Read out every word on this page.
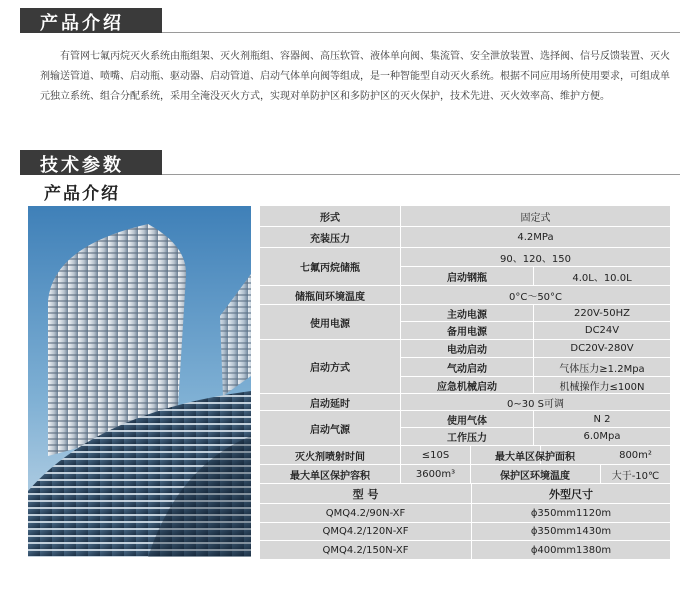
产品介绍
有管网七氟丙烷灭火系统由瓶组架、灭火剂瓶组、容器阀、高压软管、液体单向阀、集流管、安全泄放装置、选择阀、信号反馈装置、灭火剂输送管道、喷嘴、启动瓶、驱动器、启动管道、启动气体单向阀等组成，是一种智能型自动灭火系统。根据不同应用场所使用要求，可组成单元独立系统、组合分配系统，采用全淹没灭火方式，实现对单防护区和多防护区的灭火保护，技术先进、灭火效率高、维护方便。
技术参数
产品介绍
形式	固定式
充装压力	4.2MPa
七氟丙烷储瓶
90、120、150
启动钢瓶	4.0L、10.0L
储瓶间环境温度	0°C～50°C
使用电源
主动电源	220V-50HZ
备用电源	DC24V
启动方式
电动启动	DC20V-280V
气动启动	气体压力≥1.2Mpa
应急机械启动	机械操作力≤100N
启动延时	0~30 S可调
启动气源
使用气体	N 2
工作压力	6.0Mpa
灭火剂喷射时间	≤10S	最大单区保护面积	800m²
最大单区保护容积	3600m³	保护区环境温度	大于-10℃
型 号	外型尺寸
QMQ4.2/90N-XF	ϕ350mm1120m
QMQ4.2/120N-XF	ϕ350mm1430m
QMQ4.2/150N-XF	ϕ400mm1380m
